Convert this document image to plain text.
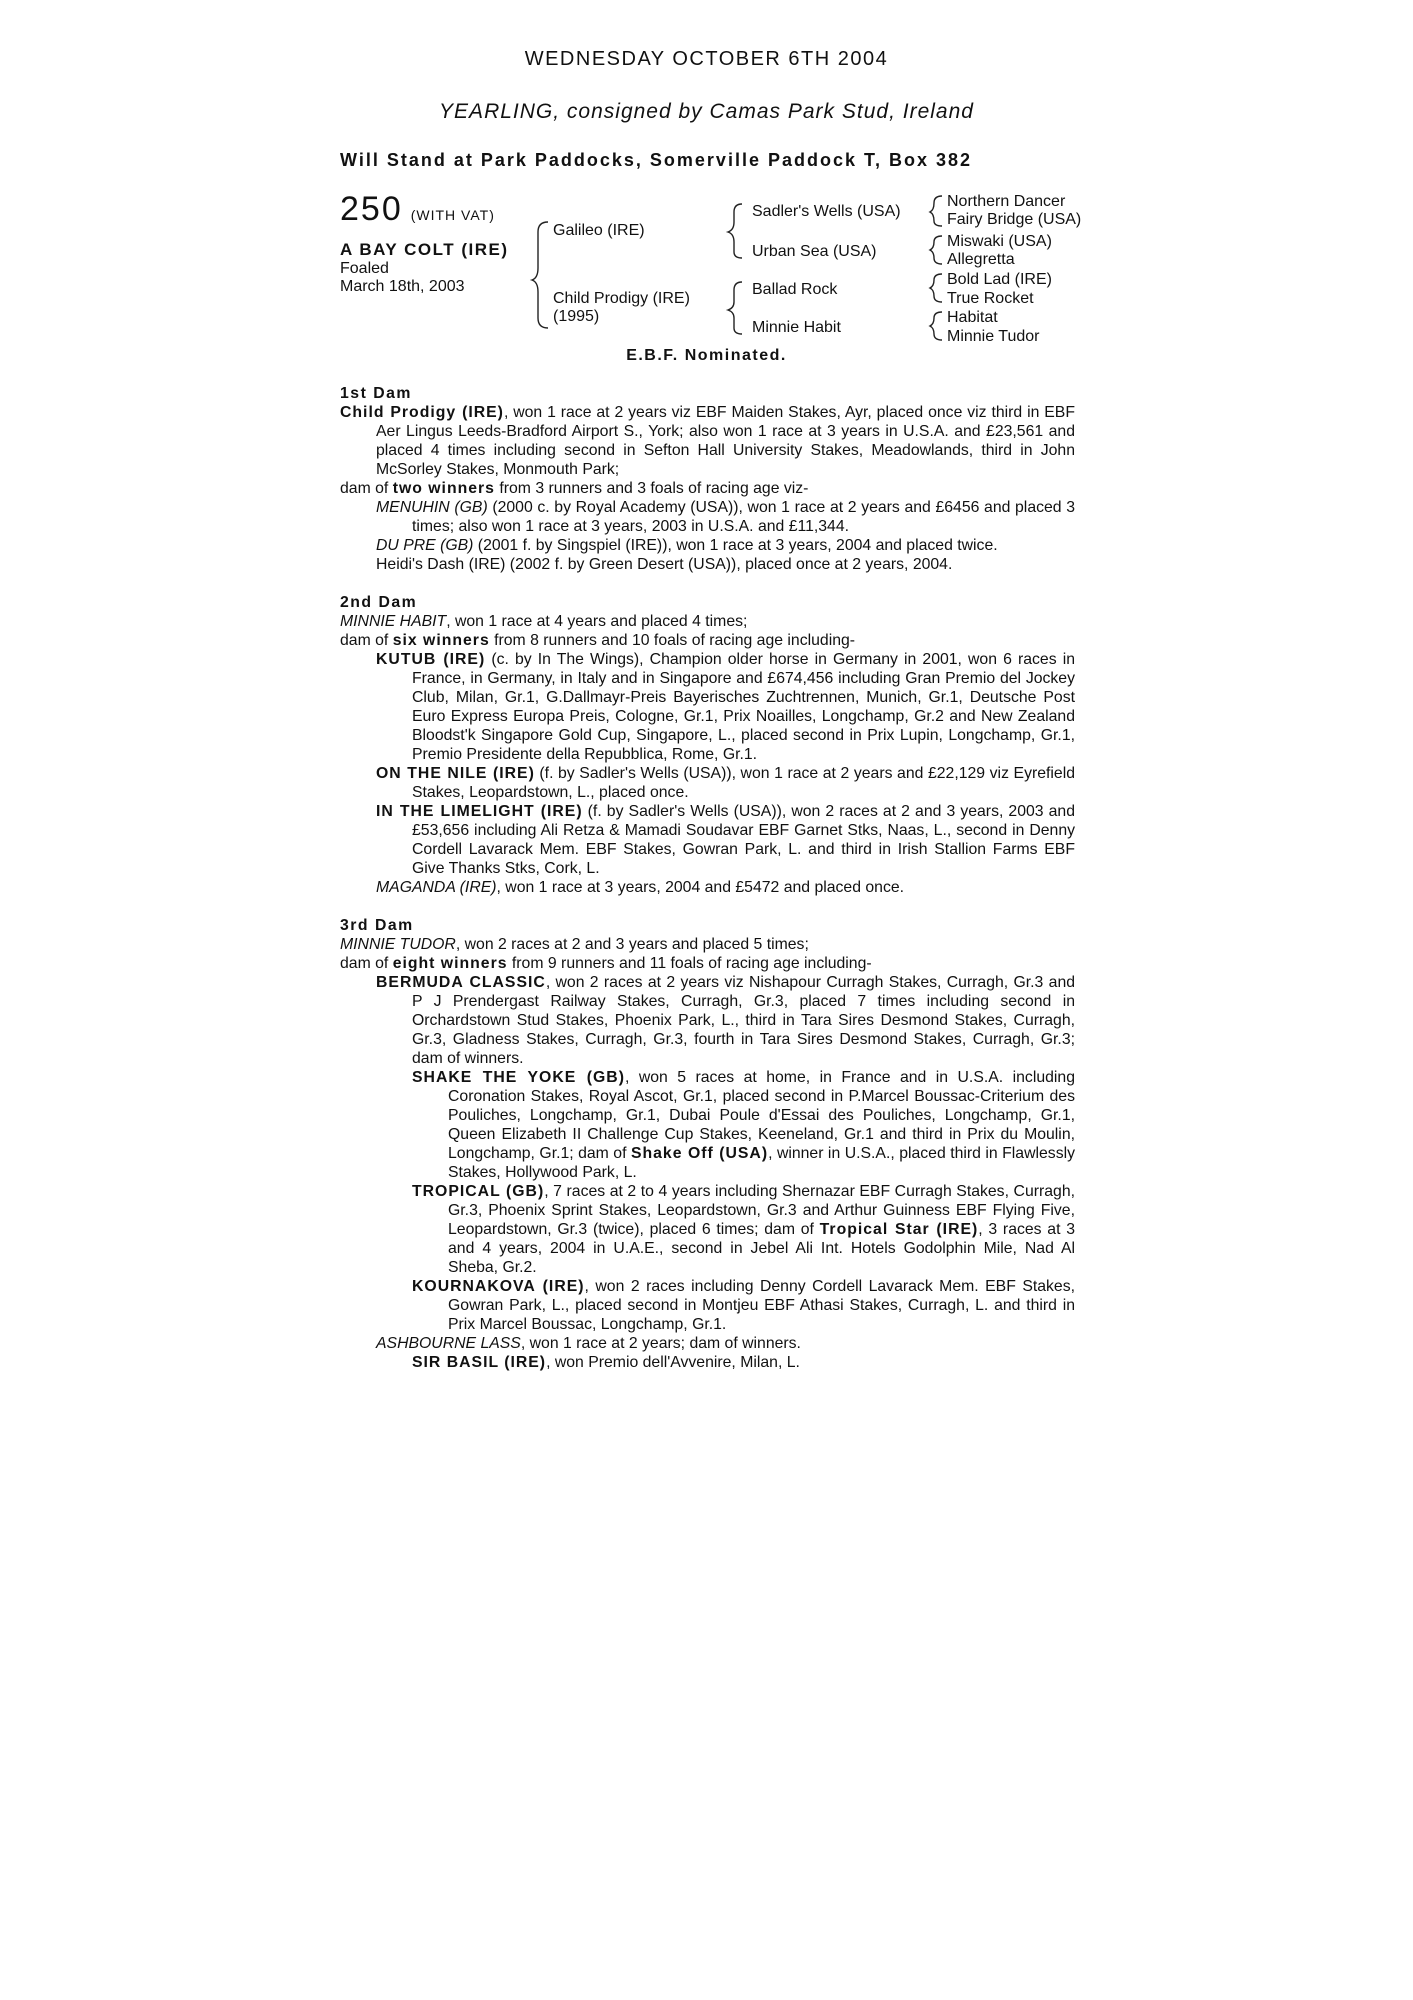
WEDNESDAY OCTOBER 6TH 2004
YEARLING, consigned by Camas Park Stud, Ireland
Will Stand at Park Paddocks, Somerville Paddock T, Box 382
250 (WITH VAT)
A BAY COLT (IRE)
Foaled
March 18th, 2003
Galileo (IRE)
Child Prodigy (IRE)
(1995)
Sadler's Wells (USA)
Urban Sea (USA)
Ballad Rock
Minnie Habit
Northern Dancer
Fairy Bridge (USA)
Miswaki (USA)
Allegretta
Bold Lad (IRE)
True Rocket
Habitat
Minnie Tudor
E.B.F. Nominated.

1st Dam

Child Prodigy (IRE), won 1 race at 2 years viz EBF Maiden Stakes, Ayr, placed once viz third in EBF Aer Lingus Leeds-Bradford Airport S., York; also won 1 race at 3 years in U.S.A. and £23,561 and placed 4 times including second in Sefton Hall University Stakes, Meadowlands, third in John McSorley Stakes, Monmouth Park;

dam of two winners from 3 runners and 3 foals of racing age viz-

MENUHIN (GB) (2000 c. by Royal Academy (USA)), won 1 race at 2 years and £6456 and placed 3 times; also won 1 race at 3 years, 2003 in U.S.A. and £11,344.

DU PRE (GB) (2001 f. by Singspiel (IRE)), won 1 race at 3 years, 2004 and placed twice.

Heidi's Dash (IRE) (2002 f. by Green Desert (USA)), placed once at 2 years, 2004.

2nd Dam

MINNIE HABIT, won 1 race at 4 years and placed 4 times;

dam of six winners from 8 runners and 10 foals of racing age including-

KUTUB (IRE) (c. by In The Wings), Champion older horse in Germany in 2001, won 6 races in France, in Germany, in Italy and in Singapore and £674,456 including Gran Premio del Jockey Club, Milan, Gr.1, G.Dallmayr-Preis Bayerisches Zuchtrennen, Munich, Gr.1, Deutsche Post Euro Express Europa Preis, Cologne, Gr.1, Prix Noailles, Longchamp, Gr.2 and New Zealand Bloodst'k Singapore Gold Cup, Singapore, L., placed second in Prix Lupin, Longchamp, Gr.1, Premio Presidente della Repubblica, Rome, Gr.1.

ON THE NILE (IRE) (f. by Sadler's Wells (USA)), won 1 race at 2 years and £22,129 viz Eyrefield Stakes, Leopardstown, L., placed once.

IN THE LIMELIGHT (IRE) (f. by Sadler's Wells (USA)), won 2 races at 2 and 3 years, 2003 and £53,656 including Ali Retza & Mamadi Soudavar EBF Garnet Stks, Naas, L., second in Denny Cordell Lavarack Mem. EBF Stakes, Gowran Park, L. and third in Irish Stallion Farms EBF Give Thanks Stks, Cork, L.

MAGANDA (IRE), won 1 race at 3 years, 2004 and £5472 and placed once.

3rd Dam

MINNIE TUDOR, won 2 races at 2 and 3 years and placed 5 times;

dam of eight winners from 9 runners and 11 foals of racing age including-

BERMUDA CLASSIC, won 2 races at 2 years viz Nishapour Curragh Stakes, Curragh, Gr.3 and P J Prendergast Railway Stakes, Curragh, Gr.3, placed 7 times including second in Orchardstown Stud Stakes, Phoenix Park, L., third in Tara Sires Desmond Stakes, Curragh, Gr.3, Gladness Stakes, Curragh, Gr.3, fourth in Tara Sires Desmond Stakes, Curragh, Gr.3; dam of winners.

SHAKE THE YOKE (GB), won 5 races at home, in France and in U.S.A. including Coronation Stakes, Royal Ascot, Gr.1, placed second in P.Marcel Boussac-Criterium des Pouliches, Longchamp, Gr.1, Dubai Poule d'Essai des Pouliches, Longchamp, Gr.1, Queen Elizabeth II Challenge Cup Stakes, Keeneland, Gr.1 and third in Prix du Moulin, Longchamp, Gr.1; dam of Shake Off (USA), winner in U.S.A., placed third in Flawlessly Stakes, Hollywood Park, L.

TROPICAL (GB), 7 races at 2 to 4 years including Shernazar EBF Curragh Stakes, Curragh, Gr.3, Phoenix Sprint Stakes, Leopardstown, Gr.3 and Arthur Guinness EBF Flying Five, Leopardstown, Gr.3 (twice), placed 6 times; dam of Tropical Star (IRE), 3 races at 3 and 4 years, 2004 in U.A.E., second in Jebel Ali Int. Hotels Godolphin Mile, Nad Al Sheba, Gr.2.

KOURNAKOVA (IRE), won 2 races including Denny Cordell Lavarack Mem. EBF Stakes, Gowran Park, L., placed second in Montjeu EBF Athasi Stakes, Curragh, L. and third in Prix Marcel Boussac, Longchamp, Gr.1.

ASHBOURNE LASS, won 1 race at 2 years; dam of winners.

SIR BASIL (IRE), won Premio dell'Avvenire, Milan, L.
